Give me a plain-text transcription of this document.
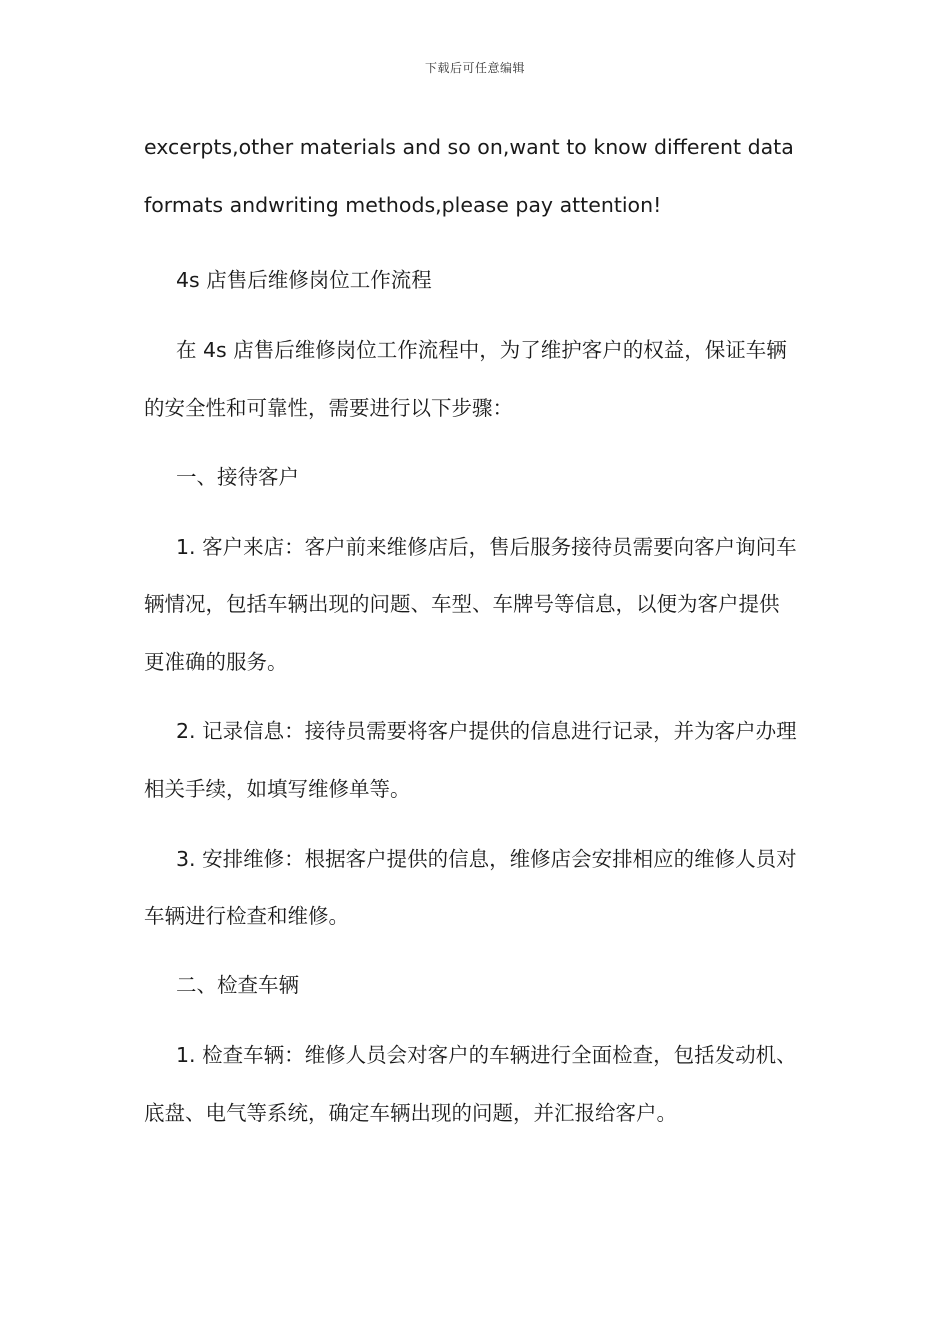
下载后可任意编辑
excerpts,other materials and so on,want to know different data
formats andwriting methods,please pay attention!
4s 店售后维修岗位工作流程
在 4s 店售后维修岗位工作流程中，为了维护客户的权益，保证车辆
的安全性和可靠性，需要进行以下步骤：
一、接待客户
1. 客户来店：客户前来维修店后，售后服务接待员需要向客户询问车
辆情况，包括车辆出现的问题、车型、车牌号等信息，以便为客户提供
更准确的服务。
2. 记录信息：接待员需要将客户提供的信息进行记录，并为客户办理
相关手续，如填写维修单等。
3. 安排维修：根据客户提供的信息，维修店会安排相应的维修人员对
车辆进行检查和维修。
二、检查车辆
1. 检查车辆：维修人员会对客户的车辆进行全面检查，包括发动机、
底盘、电气等系统，确定车辆出现的问题，并汇报给客户。
